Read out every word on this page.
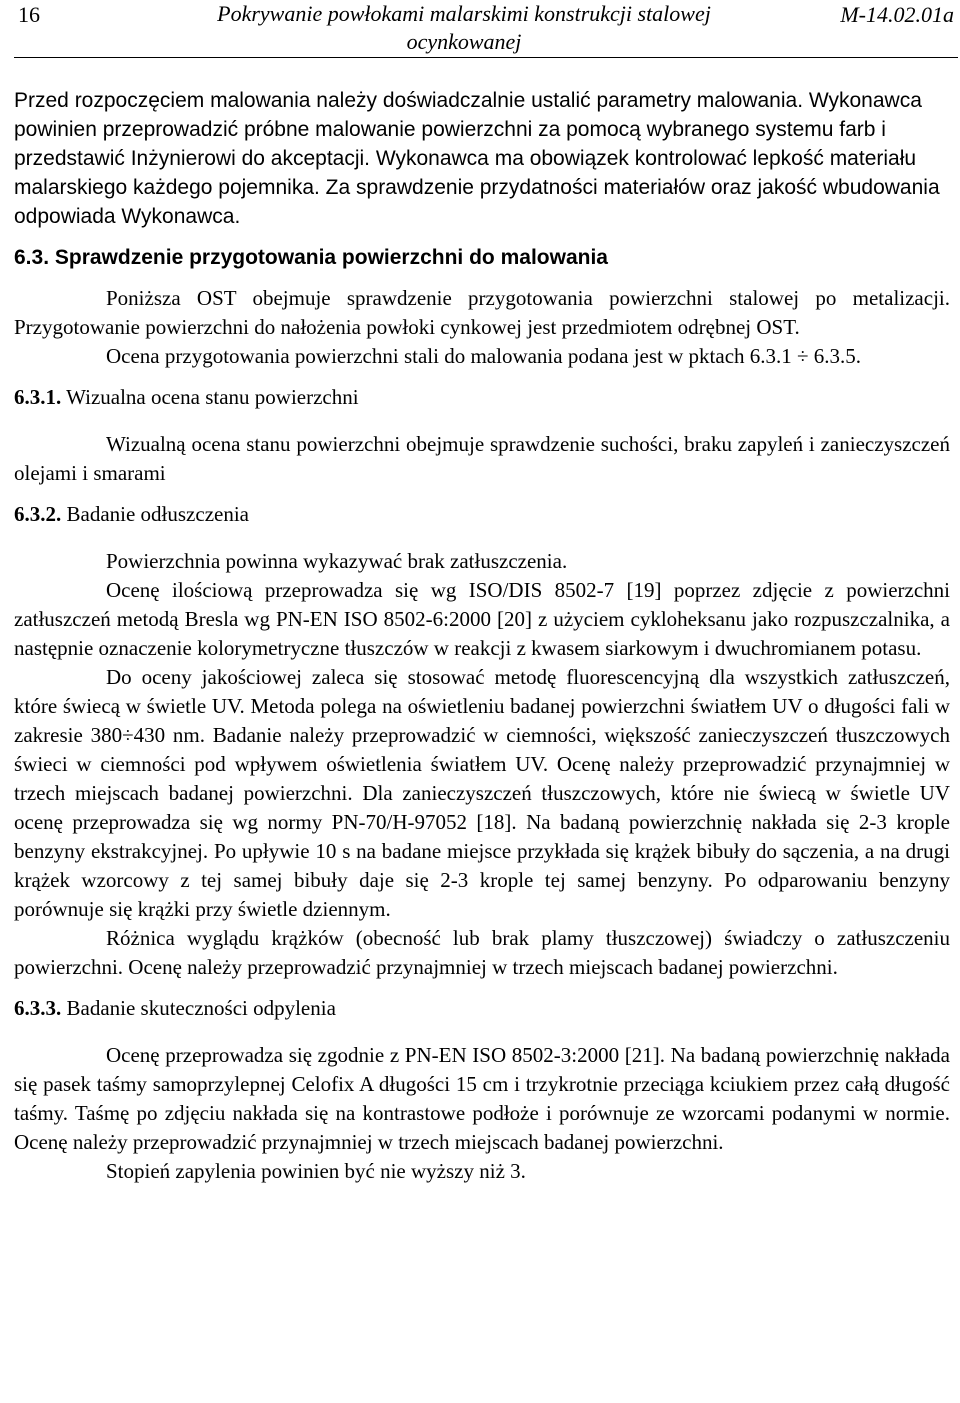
16	Pokrywanie powłokami malarskimi konstrukcji stalowej ocynkowanej
M-14.02.01a

Przed rozpoczęciem malowania należy doświadczalnie ustalić parametry malowania. Wykonawca powinien przeprowadzić próbne malowanie powierzchni za pomocą wybranego systemu farb i przedstawić Inżynierowi do akceptacji.

Wykonawca ma obowiązek kontrolować lepkość materiału malarskiego każdego pojemnika. Za sprawdzenie przydatności materiałów oraz jakość wbudowania odpowiada Wykonawca.

6.3. Sprawdzenie przygotowania powierzchni do malowania

Poniższa OST obejmuje sprawdzenie przygotowania powierzchni stalowej po metalizacji. Przygotowanie powierzchni do nałożenia powłoki cynkowej jest przedmiotem odrębnej OST.

Ocena przygotowania powierzchni stali do malowania podana jest w pktach 6.3.1 ÷ 6.3.5.

6.3.1. Wizualna ocena stanu powierzchni

Wizualną ocena stanu powierzchni obejmuje sprawdzenie suchości, braku zapyleń i zanieczyszczeń olejami i smarami

6.3.2. Badanie odłuszczenia

Powierzchnia powinna wykazywać brak zatłuszczenia.

Ocenę ilościową przeprowadza się wg ISO/DIS 8502-7 [19] poprzez zdjęcie z powierzchni zatłuszczeń metodą Bresla wg PN-EN ISO 8502-6:2000 [20] z użyciem cykloheksanu jako rozpuszczalnika, a następnie oznaczenie kolorymetryczne tłuszczów w reakcji z kwasem siarkowym i dwuchromianem potasu.

Do oceny jakościowej zaleca się stosować metodę fluorescencyjną dla wszystkich zatłuszczeń, które świecą w świetle UV. Metoda polega na oświetleniu badanej powierzchni światłem UV o długości fali w zakresie 380÷430 nm. Badanie należy przeprowadzić w ciemności, większość zanieczyszczeń tłuszczowych świeci w ciemności pod wpływem oświetlenia światłem UV. Ocenę należy przeprowadzić przynajmniej w trzech miejscach badanej powierzchni. Dla zanieczyszczeń tłuszczowych, które nie świecą w świetle UV ocenę przeprowadza się wg normy PN-70/H-97052 [18]. Na badaną powierzchnię nakłada się 2-3 krople benzyny ekstrakcyjnej. Po upływie 10 s na badane miejsce przykłada się krążek bibuły do sączenia, a na drugi krążek wzorcowy z tej samej bibuły daje się 2-3 krople tej samej benzyny. Po odparowaniu benzyny porównuje się krążki przy świetle dziennym.

Różnica wyglądu krążków (obecność lub brak plamy tłuszczowej) świadczy o zatłuszczeniu powierzchni. Ocenę należy przeprowadzić przynajmniej w trzech miejscach badanej powierzchni.

6.3.3. Badanie skuteczności odpylenia

Ocenę przeprowadza się zgodnie z PN-EN ISO 8502-3:2000 [21]. Na badaną powierzchnię nakłada się pasek taśmy samoprzylepnej Celofix A długości 15 cm i trzykrotnie przeciąga kciukiem przez całą długość taśmy. Taśmę po zdjęciu nakłada się na kontrastowe podłoże i porównuje ze wzorcami podanymi w normie. Ocenę należy przeprowadzić przynajmniej w trzech miejscach badanej powierzchni.

Stopień zapylenia powinien być nie wyższy niż 3.
